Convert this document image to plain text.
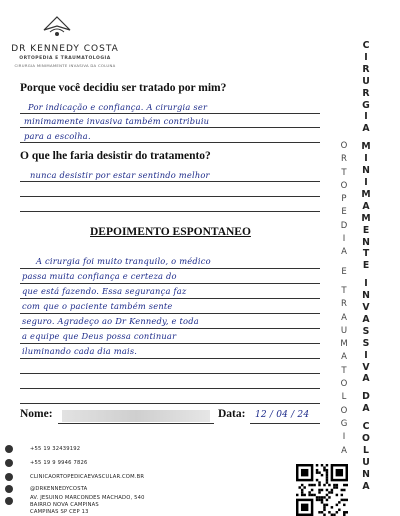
DR KENNEDY COSTA
ORTOPEDIA E TRAUMATOLOGIA
CIRURGIA MINIMAMENTE INVASIVA DA COLUNA
Porque você decidiu ser tratado por mim?
Por indicação e confiança. A cirurgia ser
minimamente invasiva também contribuiu
para a escolha.
O que lhe faria desistir do tratamento?
nunca desistir por estar sentindo melhor
DEPOIMENTO ESPONTANEO
A cirurgia foi muito tranquilo, o médico
passa muita confiança e certeza do
que está fazendo. Essa segurança faz
com que o paciente também sente
seguro. Agradeço ao Dr Kennedy, e toda
a equipe que Deus possa continuar
iluminando cada dia mais.
Nome:	Data: 12 / 04 / 24
C
I
R
U
R
G
I
A

M
I
N
I
M
A
M
E
N
T
E

I
N
V
A
S
S
I
V
A

D
A

C
O
L
U
N
A
O
R
T
O
P
E
D
I
A

E

T
R
A
U
M
A
T
O
L
O
G
I
A
+55 19 32439192
+55 19 9 9946 7826
CLINICAORTOPEDICAEVASCULAR.COM.BR
@DRKENNEDYCOSTA
AV. JESUINO MARCONDES MACHADO, 540
BAIRRO NOVA CAMPINAS
CAMPINAS SP CEP 13
